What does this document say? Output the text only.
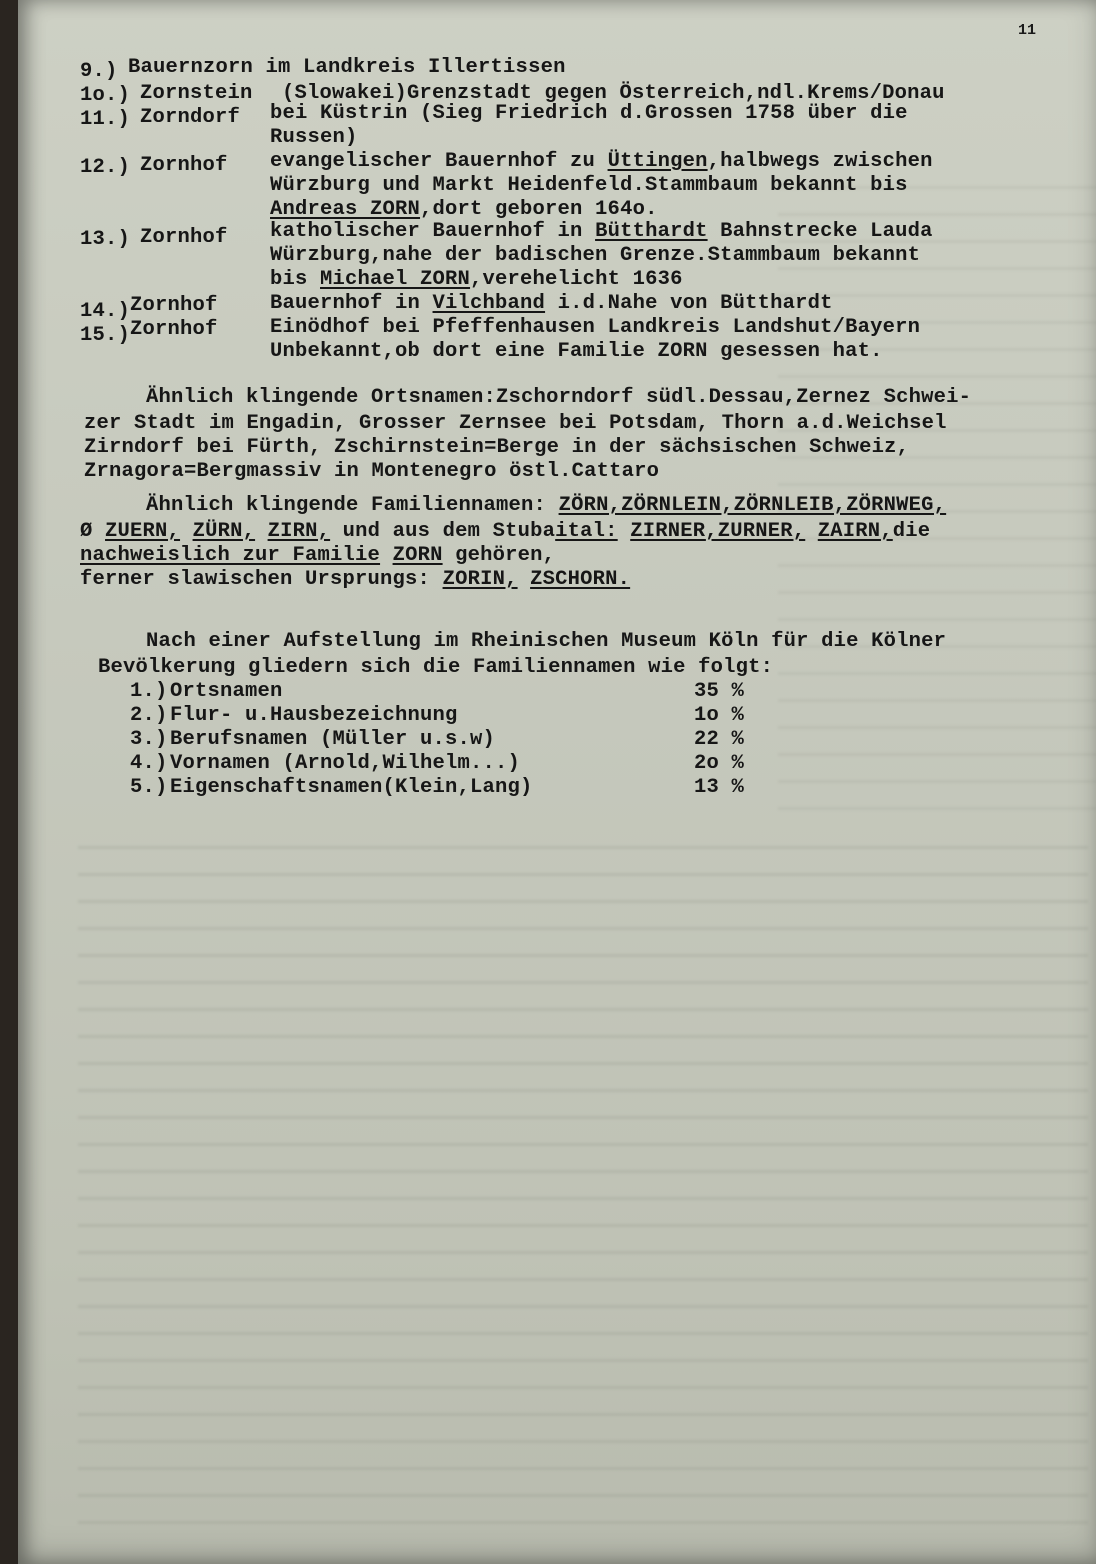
11
9.) Bauernzorn im Landkreis Illertissen
1o.) Zornstein (Slowakei)Grenzstadt gegen Österreich,ndl.Krems/Donau
11.) Zorndorf bei Küstrin (Sieg Friedrich d.Grossen 1758 über die
Russen)
12.) Zornhof evangelischer Bauernhof zu Üttingen,halbwegs zwischen
Würzburg und Markt Heidenfeld.Stammbaum bekannt bis
Andreas ZORN,dort geboren 164o.
13.) Zornhof katholischer Bauernhof in Bütthardt Bahnstrecke Lauda
Würzburg,nahe der badischen Grenze.Stammbaum bekannt
bis Michael ZORN,verehelicht 1636
14.) Zornhof	Bauernhof in Vilchband i.d.Nahe von Bütthardt
15.) Zornhof	Einödhof bei Pfeffenhausen Landkreis Landshut/Bayern
Unbekannt,ob dort eine Familie ZORN gesessen hat.
Ähnlich klingende Ortsnamen:Zschorndorf südl.Dessau,Zernez Schwei-
zer Stadt im Engadin, Grosser Zernsee bei Potsdam, Thorn a.d.Weichsel
Zirndorf bei Fürth, Zschirnstein=Berge in der sächsischen Schweiz,
Zrnagora=Bergmassiv in Montenegro östl.Cattaro
Ähnlich klingende Familiennamen: ZÖRN,ZÖRNLEIN,ZÖRNLEIB,ZÖRNWEG,
Ø ZUERN, ZÜRN, ZIRN, und aus dem Stubaital: ZIRNER,ZURNER, ZAIRN,die
nachweislich zur Familie ZORN gehören,
ferner slawischen Ursprungs: ZORIN, ZSCHORN.
Nach einer Aufstellung im Rheinischen Museum Köln für die Kölner
Bevölkerung gliedern sich die Familiennamen wie folgt:
1.) Ortsnamen	35 %
2.) Flur- u.Hausbezeichnung	1o %
3.) Berufsnamen (Müller u.s.w)	22 %
4.) Vornamen (Arnold,Wilhelm...)	2o %
5.) Eigenschaftsnamen(Klein,Lang)	13 %
